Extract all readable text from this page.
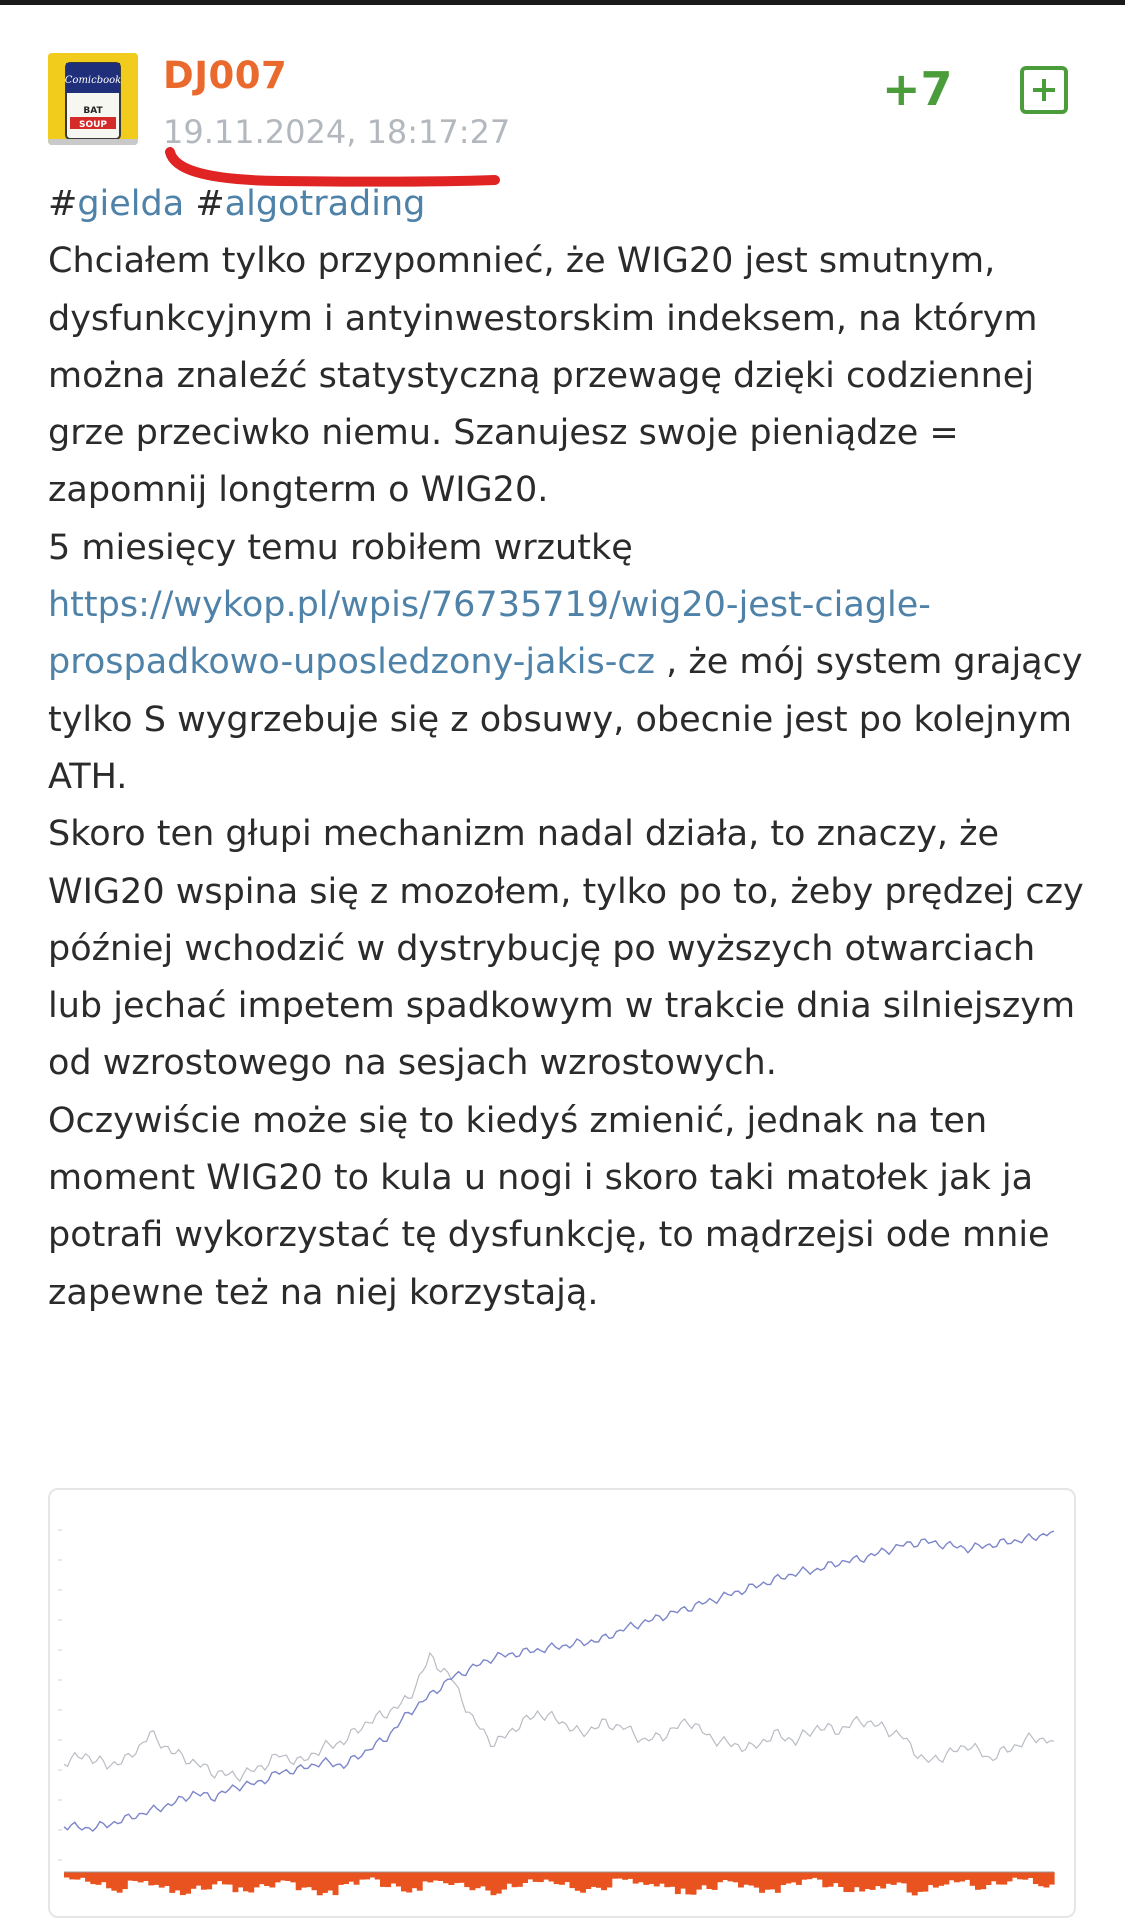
Comicbook
BAT
SOUP
DJ007
19.11.2024, 18:17:27
+7

#gielda #algotrading

Chciałem tylko przypomnieć, że WIG20 jest smutnym, dysfunkcyjnym i antyinwestorskim indeksem, na którym można znaleźć statystyczną przewagę dzięki codziennej grze przeciwko niemu. Szanujesz swoje pieniądze = zapomnij longterm o WIG20.

5 miesięcy temu robiłem wrzutkę https://wykop.pl/wpis/76735719/wig20-jest-ciagle-prospadkowo-uposledzony-jakis-cz , że mój system grający tylko S wygrzebuje się z obsuwy, obecnie jest po kolejnym ATH.

Skoro ten głupi mechanizm nadal działa, to znaczy, że WIG20 wspina się z mozołem, tylko po to, żeby prędzej czy później wchodzić w dystrybucję po wyższych otwarciach lub jechać impetem spadkowym w trakcie dnia silniejszym od wzrostowego na sesjach wzrostowych.

Oczywiście może się to kiedyś zmienić, jednak na ten moment WIG20 to kula u nogi i skoro taki matołek jak ja potrafi wykorzystać tę dysfunkcję, to mądrzejsi ode mnie zapewne też na niej korzystają.
